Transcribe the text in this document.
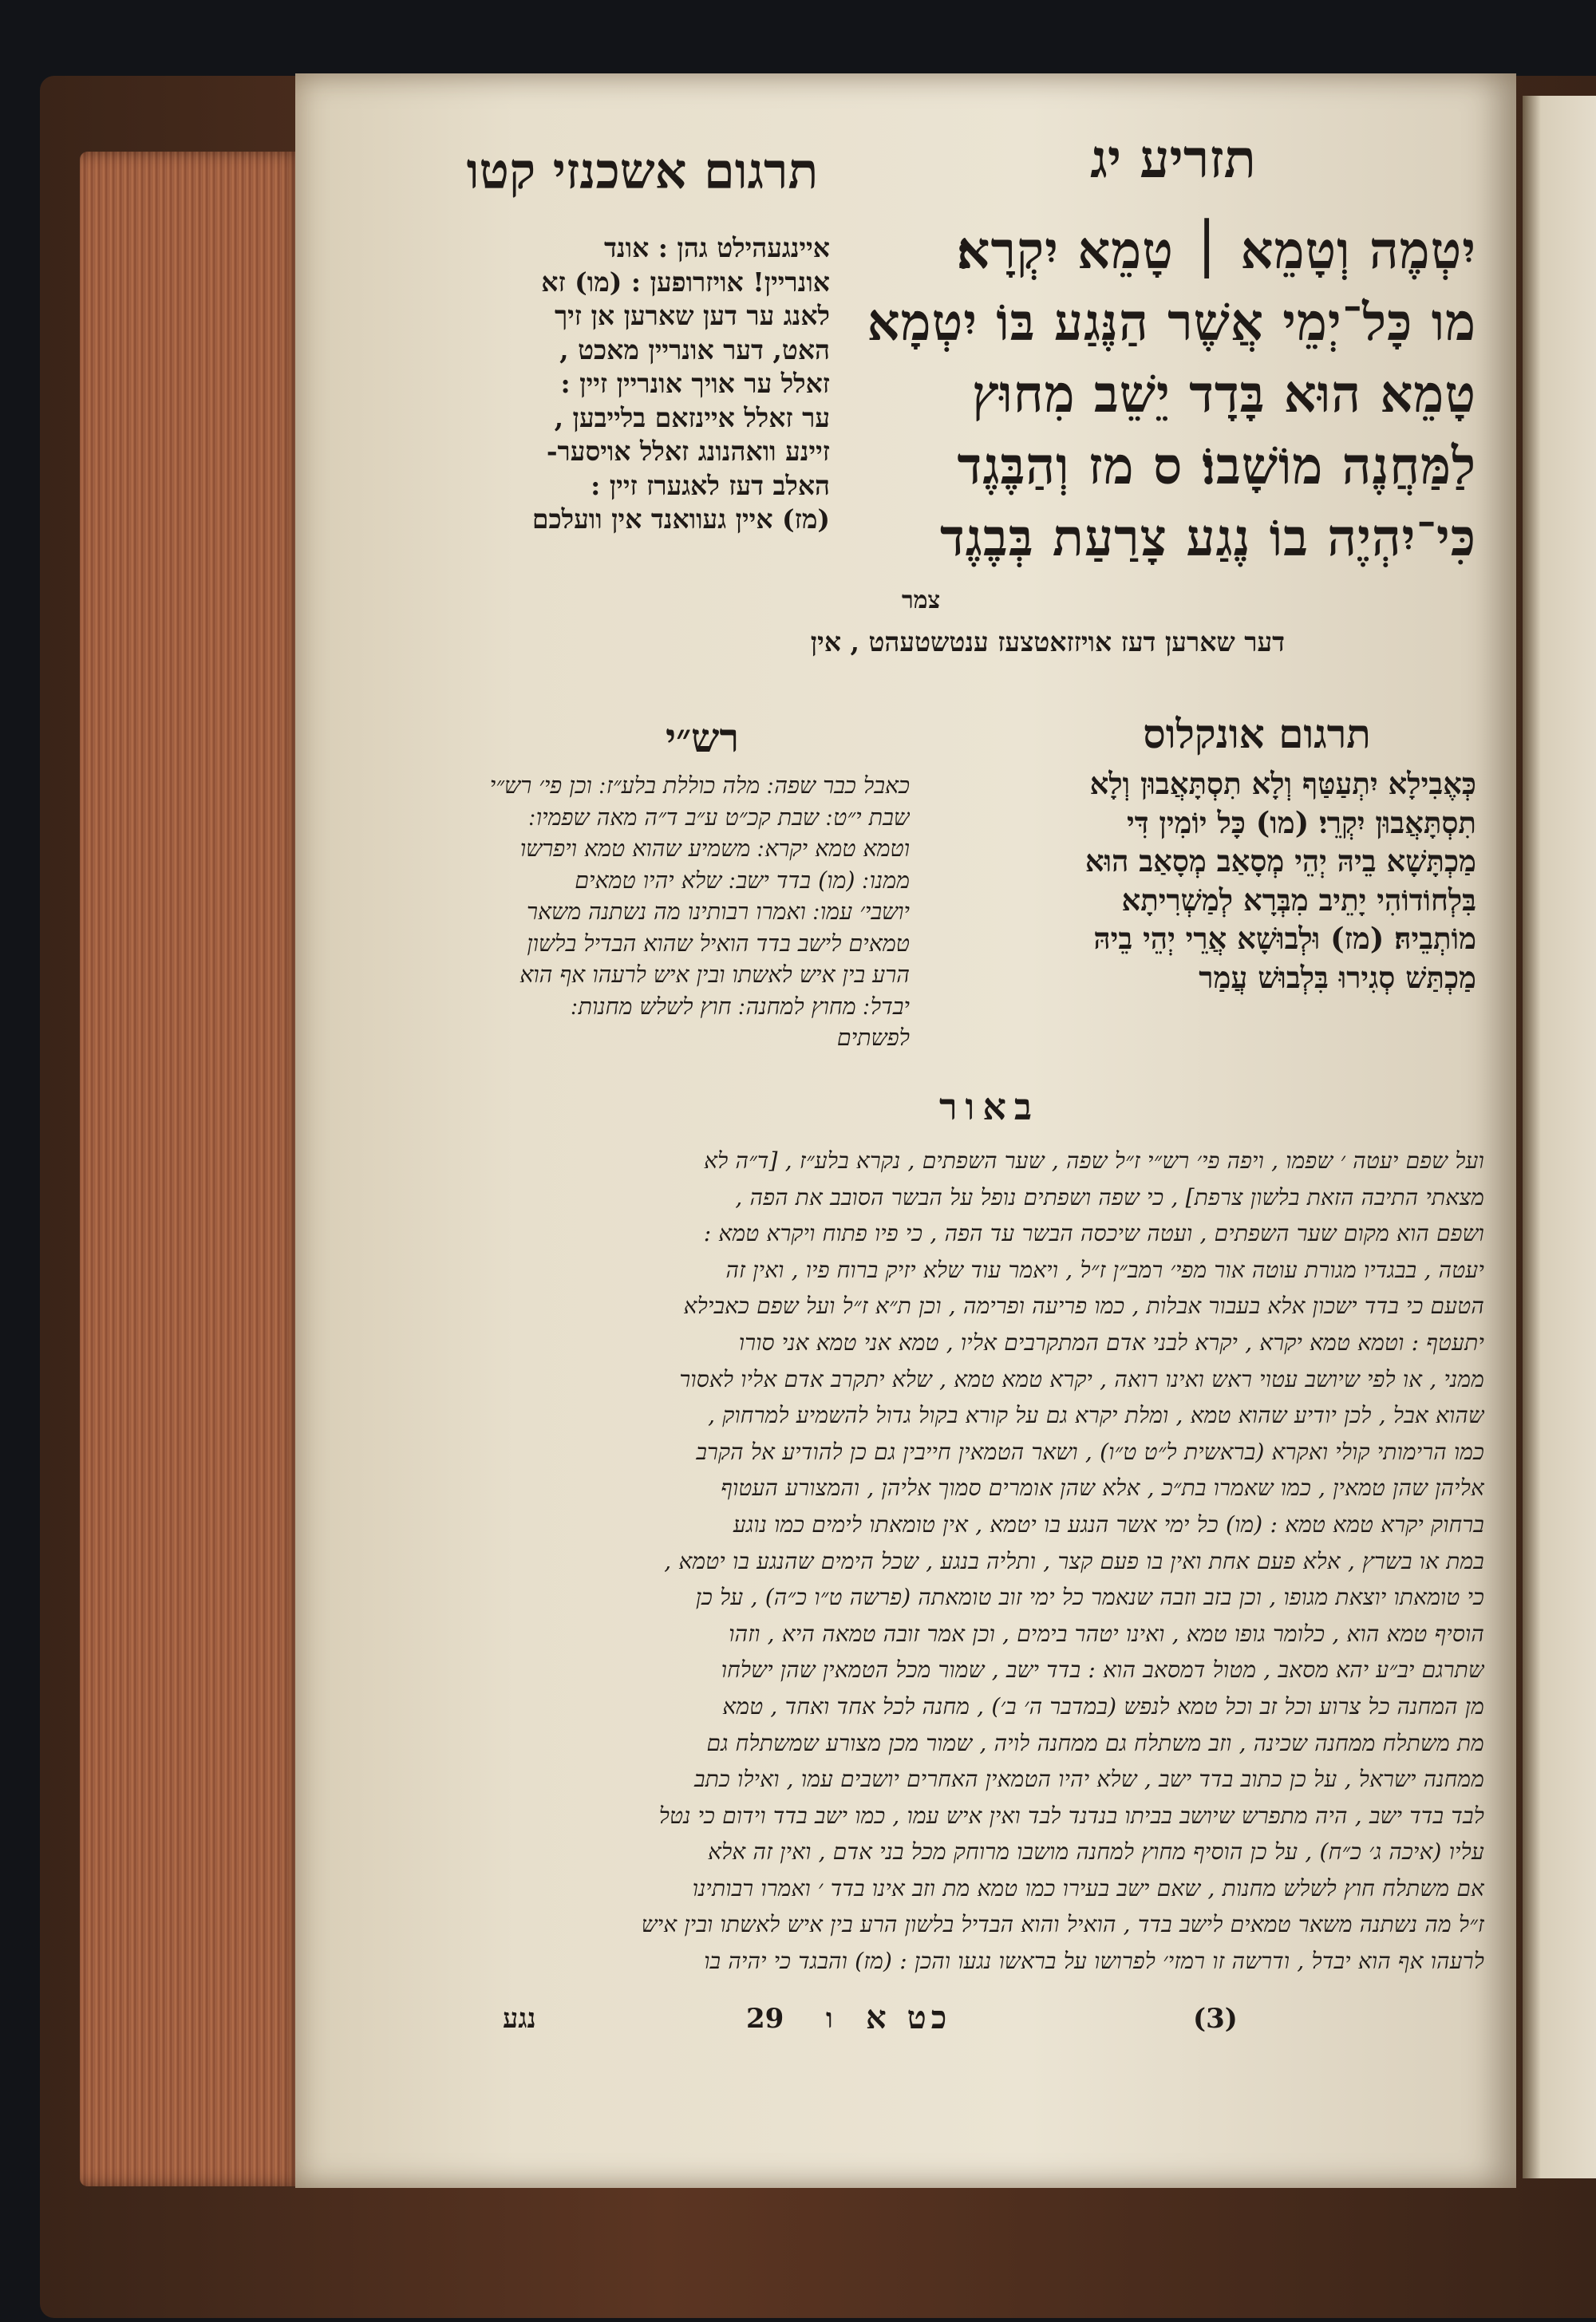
תרגום אשכנזי קטו	תזריע יג
יִטְמֶה וְטָמֵא ׀ טָמֵא יִקְרָא׃
מו כָּל־יְמֵי אֲשֶׁר הַנֶּגַע בּוֹ יִטְמָא
טָמֵא הוּא בָּדָד יֵשֵׁב מִחוּץ
לַמַּחֲנֶה מוֹשָׁבוֹ׃ ס מז וְהַבֶּגֶד
כִּי־יִהְיֶה בוֹ נֶגַע צָרַעַת בְּבֶגֶד
צמר
איינגעהילט גהן : אונד
אונריין! אויזרופען : (מו) זא
לאנג ער דען שארען אן זיך
האט, דער אונריין מאכט ,
זאלל ער אויך אונריין זיין :
ער זאלל איינזאם בלייבען ,
זיינע וואהנונג זאלל אויסער-
האלב דעז לאגערז זיין :
(מז) איין געוואנד אין וועלכם
דער שארען דעז אויזזאטצעז ענטשטעהט , אין
תרגום אונקלוס
רש״י
כְּאֶבִילָא יִתְעַטַּף וְלָא תִסְתָּאֲבוּן וְלָא
תִסְתָּאֲבוּן יִקְרֵי׃ (מו) כָּל יוֹמִין דִּי
מַכְתָּשָׁא בֵיהּ יְהֵי מְסָאַב מְסָאַב הוּא
בִּלְחוֹדוֹהִי יָתֵיב מִבְּרָא לְמַשְׁרִיתָא
מוֹתְבֵיהּ׃ (מז) וּלְבוּשָׁא אֲרֵי יְהֵי בֵיהּ
מַכְתַּשׁ סְגִירוּ בִּלְבוּשׁ עֲמַר
כאבל כבר שפה ׃ מלה כוללת בלע״ז ׃ וכן פי׳ רש״י
שבת י״ט ׃ שבת קכ״ט ע״ב ד״ה מאה שפמיו ׃
וטמא טמא יקרא ׃ משמיע שהוא טמא ויפרשו
ממנו ׃ (מו) בדד ישב ׃ שלא יהיו טמאים
יושבי׳ עמו ׃ ואמרו רבותינו מה נשתנה משאר
טמאים לישב בדד הואיל שהוא הבדיל בלשון
הרע בין איש לאשתו ובין איש לרעהו אף הוא
יבדל ׃ מחוץ למחנה ׃ חוץ לשלש מחנות ׃
לפשתים
באור
ועל שפם יעטה ׳ שפמו , ויפה פי׳ רש״י ז״ל שפה , שער השפתים , נקרא בלע״ז , [ד״ה לא
מצאתי התיבה הזאת בלשון צרפת] , כי שפה ושפתים נופל על הבשר הסובב את הפה ,
ושפם הוא מקום שער השפתים , ועטה שיכסה הבשר עד הפה , כי פיו פתוח ויקרא טמא :
יעטה , בבגדיו מגורת עוטה אור מפי׳ רמב״ן ז״ל , ויאמר עוד שלא יזיק ברוח פיו , ואין זה
הטעם כי בדד ישכון אלא בעבור אבלות , כמו פריעה ופרימה , וכן ת״א ז״ל ועל שפם כאבילא
יתעטף : וטמא טמא יקרא , יקרא לבני אדם המתקרבים אליו , טמא אני טמא אני סורו
ממני , או לפי שיושב עטוי ראש ואינו רואה , יקרא טמא טמא , שלא יתקרב אדם אליו לאסור
שהוא אבל , לכן יודיע שהוא טמא , ומלת יקרא גם על קורא בקול גדול להשמיע למרחוק ,
כמו הרימותי קולי ואקרא (בראשית ל״ט ט״ו) , ושאר הטמאין חייבין גם כן להודיע אל הקרב
אליהן שהן טמאין , כמו שאמרו בת״כ , אלא שהן אומרים סמוך אליהן , והמצורע העטוף
ברחוק יקרא טמא טמא : (מו) כל ימי אשר הנגע בו יטמא , אין טומאתו לימים כמו נוגע
במת או בשרץ , אלא פעם אחת ואין בו פעם קצר , ותליה בנגע , שכל הימים שהנגע בו יטמא ,
כי טומאתו יוצאת מגופו , וכן בזב וזבה שנאמר כל ימי זוב טומאתה (פרשה ט״ו כ״ה) , על כן
הוסיף טמא הוא , כלומר גופו טמא , ואינו יטהר בימים , וכן אמר זובה טמאה היא , וזהו
שתרגם יב״ע יהא מסאב , מטול דמסאב הוא : בדד ישב , שמור מכל הטמאין שהן ישלחו
מן המחנה כל צרוע וכל זב וכל טמא לנפש (במדבר ה׳ ב׳) , מחנה לכל אחד ואחד , טמא
מת משתלח ממחנה שכינה , וזב משתלח גם ממחנה לויה , שמור מכן מצורע שמשתלח גם
ממחנה ישראל , על כן כתוב בדד ישב , שלא יהיו הטמאין האחרים יושבים עמו , ואילו כתב
לבד בדד ישב , היה מתפרש שיושב בביתו בנדנד לבד ואין איש עמו , כמו ישב בדד וידום כי נטל
עליו (איכה ג׳ כ״ח) , על כן הוסיף מחוץ למחנה מושבו מרוחק מכל בני אדם , ואין זה אלא
אם משתלח חוץ לשלש מחנות , שאם ישב בעירו כמו טמא מת וזב אינו בדד ׳ ואמרו רבותינו
ז״ל מה נשתנה משאר טמאים לישב בדד , הואיל והוא הבדיל בלשון הרע בין איש לאשתו ובין איש
לרעהו אף הוא יבדל , ודרשה זו רמזי׳ לפרושו על בראשו נגעו והכן : (מז) והבגד כי יהיה בו
נגע	29 ו כט א	(3)
